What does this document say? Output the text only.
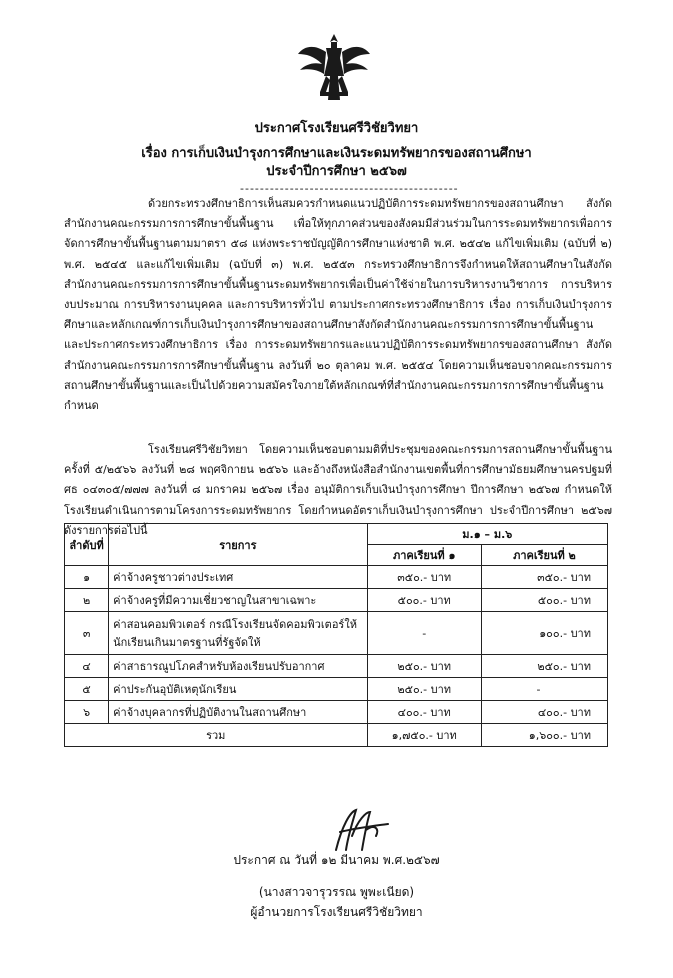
ประกาศโรงเรียนศรีวิชัยวิทยา
เรื่อง การเก็บเงินบำรุงการศึกษาและเงินระดมทรัพยากรของสถานศึกษา
ประจำปีการศึกษา ๒๕๖๗
--------------------------------------------
ด้วยกระทรวงศึกษาธิการเห็นสมควรกำหนดแนวปฏิบัติการระดมทรัพยากรของสถานศึกษา สังกัดสำนักงานคณะกรรมการการศึกษาขั้นพื้นฐาน เพื่อให้ทุกภาคส่วนของสังคมมีส่วนร่วมในการระดมทรัพยากรเพื่อการจัดการศึกษาขั้นพื้นฐานตามมาตรา ๕๘ แห่งพระราชบัญญัติการศึกษาแห่งชาติ พ.ศ. ๒๕๔๒ แก้ไขเพิ่มเติม (ฉบับที่ ๒) พ.ศ. ๒๕๔๕ และแก้ไขเพิ่มเติม (ฉบับที่ ๓) พ.ศ. ๒๕๕๓ กระทรวงศึกษาธิการจึงกำหนดให้สถานศึกษาในสังกัดสำนักงานคณะกรรมการการศึกษาขั้นพื้นฐานระดมทรัพยากรเพื่อเป็นค่าใช้จ่ายในการบริหารงานวิชาการ การบริหารงบประมาณ การบริหารงานบุคคล และการบริหารทั่วไป ตามประกาศกระทรวงศึกษาธิการ เรื่อง การเก็บเงินบำรุงการศึกษาและหลักเกณฑ์การเก็บเงินบำรุงการศึกษาของสถานศึกษาสังกัดสำนักงานคณะกรรมการการศึกษาขั้นพื้นฐาน และประกาศกระทรวงศึกษาธิการ เรื่อง การระดมทรัพยากรและแนวปฏิบัติการระดมทรัพยากรของสถานศึกษา สังกัดสำนักงานคณะกรรมการการศึกษาขั้นพื้นฐาน ลงวันที่ ๒๐ ตุลาคม พ.ศ. ๒๕๕๔ โดยความเห็นชอบจากคณะกรรมการสถานศึกษาขั้นพื้นฐานและเป็นไปด้วยความสมัครใจภายใต้หลักเกณฑ์ที่สำนักงานคณะกรรมการการศึกษาขั้นพื้นฐานกำหนด
โรงเรียนศรีวิชัยวิทยา โดยความเห็นชอบตามมติที่ประชุมของคณะกรรมการสถานศึกษาขั้นพื้นฐาน ครั้งที่ ๕/๒๕๖๖ ลงวันที่ ๒๘ พฤศจิกายน ๒๕๖๖ และอ้างถึงหนังสือสำนักงานเขตพื้นที่การศึกษามัธยมศึกษานครปฐมที่ ศธ ๐๔๓๐๕/๗๗๗ ลงวันที่ ๘ มกราคม ๒๕๖๗ เรื่อง อนุมัติการเก็บเงินบำรุงการศึกษา ปีการศึกษา ๒๕๖๗ กำหนดให้โรงเรียนดำเนินการตามโครงการระดมทรัพยากร โดยกำหนดอัตราเก็บเงินบำรุงการศึกษา ประจำปีการศึกษา ๒๕๖๗ ดังรายการต่อไปนี้
ลำดับที่	รายการ	ม.๑ – ม.๖	
		ภาคเรียนที่ ๑	ภาคเรียนที่ ๒
๑	ค่าจ้างครูชาวต่างประเทศ	๓๕๐.- บาท	๓๕๐.- บาท
๒	ค่าจ้างครูที่มีความเชี่ยวชาญในสาขาเฉพาะ	๕๐๐.- บาท	๕๐๐.- บาท
๓	ค่าสอนคอมพิวเตอร์ กรณีโรงเรียนจัดคอมพิวเตอร์ให้นักเรียนเกินมาตรฐานที่รัฐจัดให้	-	๑๐๐.- บาท
๔	ค่าสาธารณูปโภคสำหรับห้องเรียนปรับอากาศ	๒๕๐.- บาท	๒๕๐.- บาท
๕	ค่าประกันอุบัติเหตุนักเรียน	๒๕๐.- บาท	-
๖	ค่าจ้างบุคลากรที่ปฏิบัติงานในสถานศึกษา	๔๐๐.- บาท	๔๐๐.- บาท
รวม		๑,๗๕๐.- บาท	๑,๖๐๐.- บาท
ประกาศ ณ วันที่ ๑๒ มีนาคม พ.ศ.๒๕๖๗
(นางสาวจารุวรรณ พูพะเนียด)
ผู้อำนวยการโรงเรียนศรีวิชัยวิทยา
